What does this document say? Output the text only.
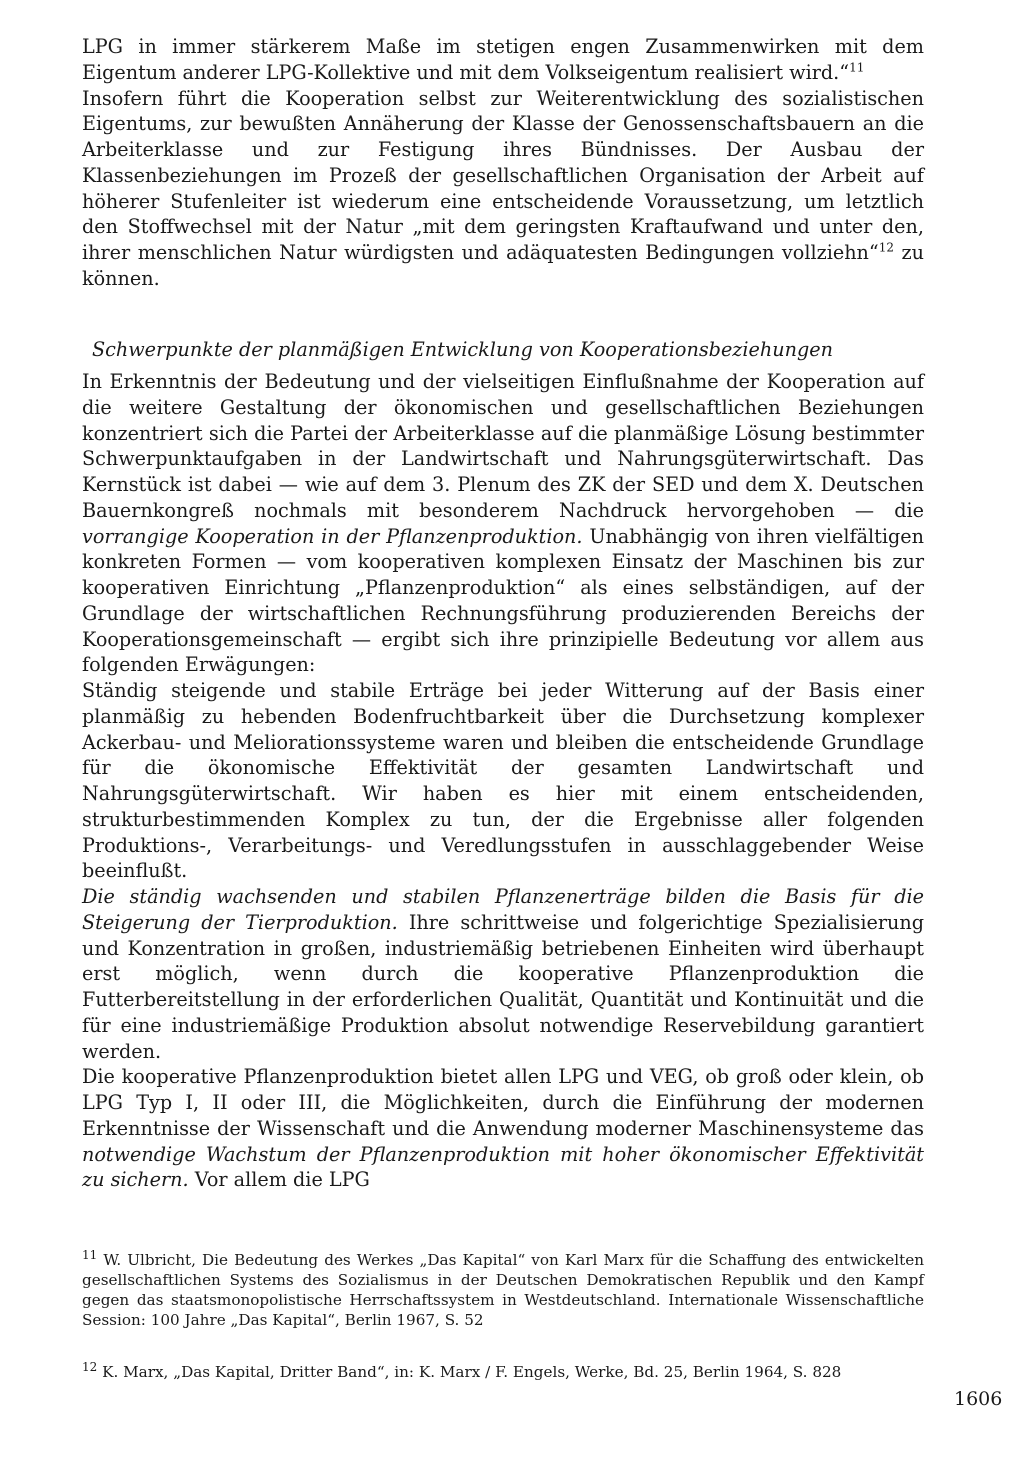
LPG in immer stärkerem Maße im stetigen engen Zusammenwirken mit dem Eigentum anderer LPG-Kollektive und mit dem Volkseigentum realisiert wird.“$^{11}$

Insofern führt die Kooperation selbst zur Weiterentwicklung des sozialistischen Eigentums, zur bewußten Annäherung der Klasse der Genossenschaftsbauern an die Arbeiterklasse und zur Festigung ihres Bündnisses. Der Ausbau der Klassenbeziehungen im Prozeß der gesellschaftlichen Organisation der Arbeit auf höherer Stufenleiter ist wiederum eine entscheidende Voraussetzung, um letztlich den Stoffwechsel mit der Natur „mit dem geringsten Kraftaufwand und unter den, ihrer menschlichen Natur würdigsten und adäquatesten Bedingungen vollziehn“$^{12}$ zu können.

Schwerpunkte der planmäßigen Entwicklung von Kooperationsbeziehungen

In Erkenntnis der Bedeutung und der vielseitigen Einflußnahme der Kooperation auf die weitere Gestaltung der ökonomischen und gesellschaftlichen Beziehungen konzentriert sich die Partei der Arbeiterklasse auf die planmäßige Lösung bestimmter Schwerpunktaufgaben in der Landwirtschaft und Nahrungsgüterwirtschaft. Das Kernstück ist dabei — wie auf dem 3. Plenum des ZK der SED und dem X. Deutschen Bauernkongreß nochmals mit besonderem Nachdruck hervorgehoben — die vorrangige Kooperation in der Pflanzenproduktion. Unabhängig von ihren vielfältigen konkreten Formen — vom kooperativen komplexen Einsatz der Maschinen bis zur kooperativen Einrichtung „Pflanzenproduktion“ als eines selbständigen, auf der Grundlage der wirtschaftlichen Rechnungsführung produzierenden Bereichs der Kooperationsgemeinschaft — ergibt sich ihre prinzipielle Bedeutung vor allem aus folgenden Erwägungen:

Ständig steigende und stabile Erträge bei jeder Witterung auf der Basis einer planmäßig zu hebenden Bodenfruchtbarkeit über die Durchsetzung komplexer Ackerbau- und Meliorationssysteme waren und bleiben die entscheidende Grundlage für die ökonomische Effektivität der gesamten Landwirtschaft und Nahrungsgüterwirtschaft. Wir haben es hier mit einem entscheidenden, strukturbestimmenden Komplex zu tun, der die Ergebnisse aller folgenden Produktions-, Verarbeitungs- und Veredlungsstufen in ausschlaggebender Weise beeinflußt.

Die ständig wachsenden und stabilen Pflanzenerträge bilden die Basis für die Steigerung der Tierproduktion. Ihre schrittweise und folgerichtige Spezialisierung und Konzentration in großen, industriemäßig betriebenen Einheiten wird überhaupt erst möglich, wenn durch die kooperative Pflanzenproduktion die Futterbereitstellung in der erforderlichen Qualität, Quantität und Kontinuität und die für eine industriemäßige Produktion absolut notwendige Reservebildung garantiert werden.

Die kooperative Pflanzenproduktion bietet allen LPG und VEG, ob groß oder klein, ob LPG Typ I, II oder III, die Möglichkeiten, durch die Einführung der modernen Erkenntnisse der Wissenschaft und die Anwendung moderner Maschinensysteme das notwendige Wachstum der Pflanzenproduktion mit hoher ökonomischer Effektivität zu sichern. Vor allem die LPG

$^{11}$ W. Ulbricht, Die Bedeutung des Werkes „Das Kapital“ von Karl Marx für die Schaffung des entwickelten gesellschaftlichen Systems des Sozialismus in der Deutschen Demokratischen Republik und den Kampf gegen das staatsmonopolistische Herrschaftssystem in Westdeutschland. Internationale Wissenschaftliche Session: 100 Jahre „Das Kapital“, Berlin 1967, S. 52
$^{12}$ K. Marx, „Das Kapital, Dritter Band“, in: K. Marx / F. Engels, Werke, Bd. 25, Berlin 1964, S. 828
1606
